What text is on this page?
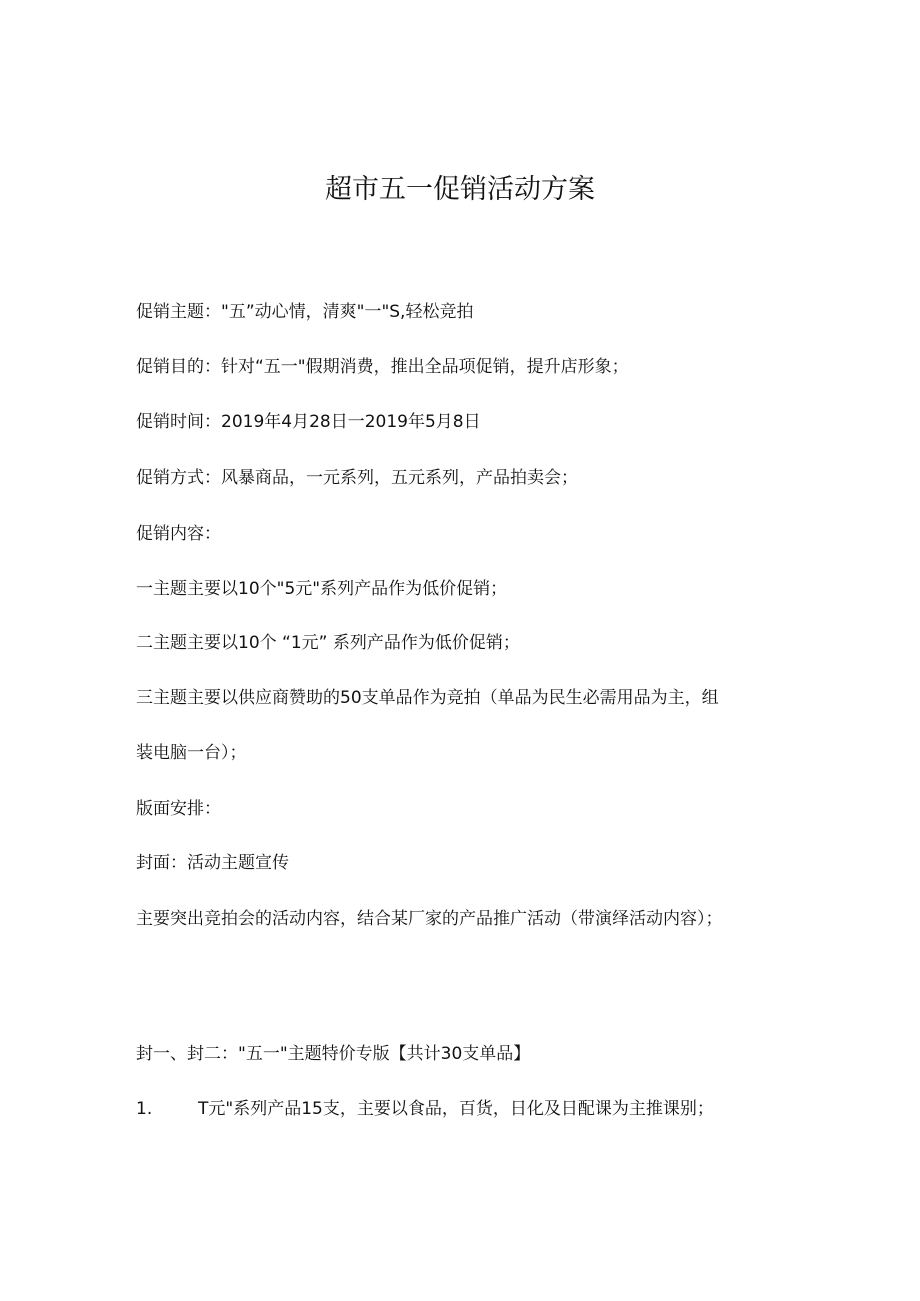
超市五一促销活动方案
促销主题："五”动心情，清爽"一"S,轻松竞拍
促销目的：针对“五一"假期消费，推出全品项促销，提升店形象；
促销时间：2019年4月28日一2019年5月8日
促销方式：风暴商品，一元系列，五元系列，产品拍卖会；
促销内容：
一主题主要以10个"5元"系列产品作为低价促销；
二主题主要以10个 “1元” 系列产品作为低价促销；
三主题主要以供应商赞助的50支单品作为竞拍（单品为民生必需用品为主，组
装电脑一台）；
版面安排：
封面：活动主题宣传
主要突出竞拍会的活动内容，结合某厂家的产品推广活动（带演绎活动内容）；
封一、封二："五一"主题特价专版【共计30支单品】
1.	T元"系列产品15支，主要以食品，百货，日化及日配课为主推课别；
